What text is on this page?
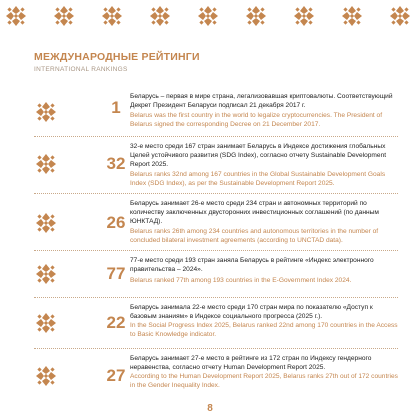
МЕЖДУНАРОДНЫЕ РЕЙТИНГИ
INTERNATIONAL RANKINGS
1
Беларусь – первая в мире страна, легализовавшая криптовалюты. Соответствующий Декрет Президент Беларуси подписал 21 декабря 2017 г.
Belarus was the first country in the world to legalize cryptocurrencies. The President of Belarus signed the corresponding Decree on 21 December 2017.
32
32-е место среди 167 стран занимает Беларусь в Индексе достижения глобальных Целей устойчивого развития (SDG Index), согласно отчету Sustainable Development Report 2025.
Belarus ranks 32nd among 167 countries in the Global Sustainable Development Goals Index (SDG Index), as per the Sustainable Development Report 2025.
26
Беларусь занимает 26-е место среди 234 стран и автономных территорий по количеству заключенных двусторонних инвестиционных соглашений (по данным ЮНКТАД).
Belarus ranks 26th among 234 countries and autonomous territories in the number of concluded bilateral investment agreements (according to UNCTAD data).
77
77-е место среди 193 стран заняла Беларусь в рейтинге «Индекс электронного правительства – 2024».
Belarus ranked 77th among 193 countries in the E-Government Index 2024.
22
Беларусь занимала 22-е место среди 170 стран мира по показателю «Доступ к базовым знаниям» в Индексе социального прогресса (2025 г.).
In the Social Progress Index 2025, Belarus ranked 22nd among 170 countries in the Access to Basic Knowledge indicator.
27
Беларусь занимает 27-е место в рейтинге из 172 стран по Индексу гендерного неравенства, согласно отчету Human Development Report 2025.
According to the Human Development Report 2025, Belarus ranks 27th out of 172 countries in the Gender Inequality Index.
8
